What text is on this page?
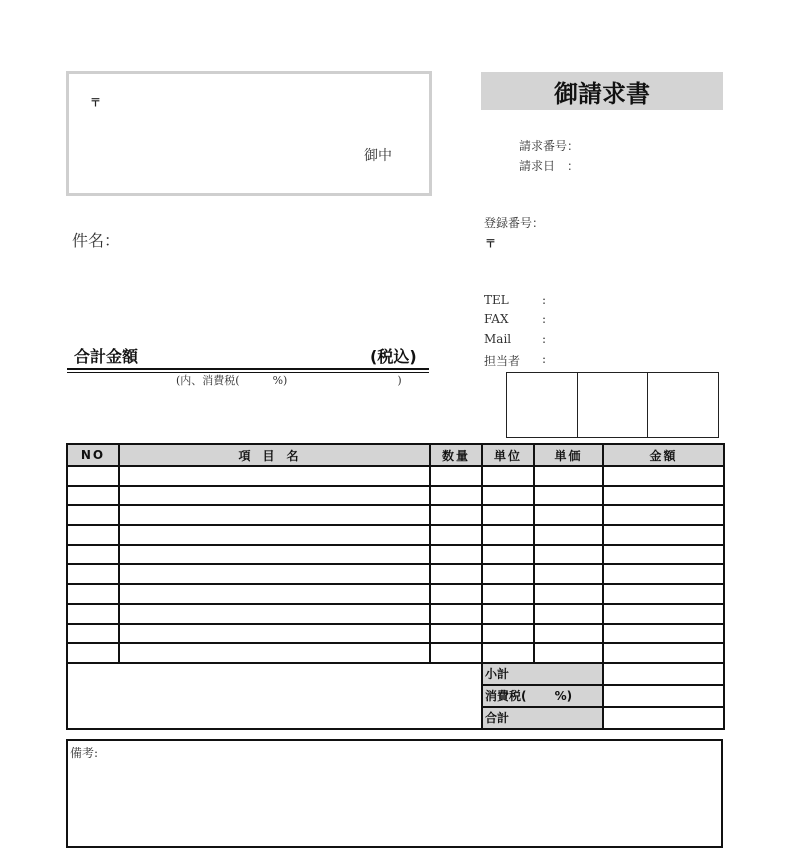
〒
御中
御請求書
請求番号：
請求日　：
件名：
登録番号：
〒
TEL	:
FAX	:
Mail	:
担当者 :
合計金額	(税込)
(内、消費税(　　　%)　　　　　　　　　　)
NO	項目名	数量	単位	単価	金額

			小計		
			消費税(　　 %)		
			合計		
備考:
